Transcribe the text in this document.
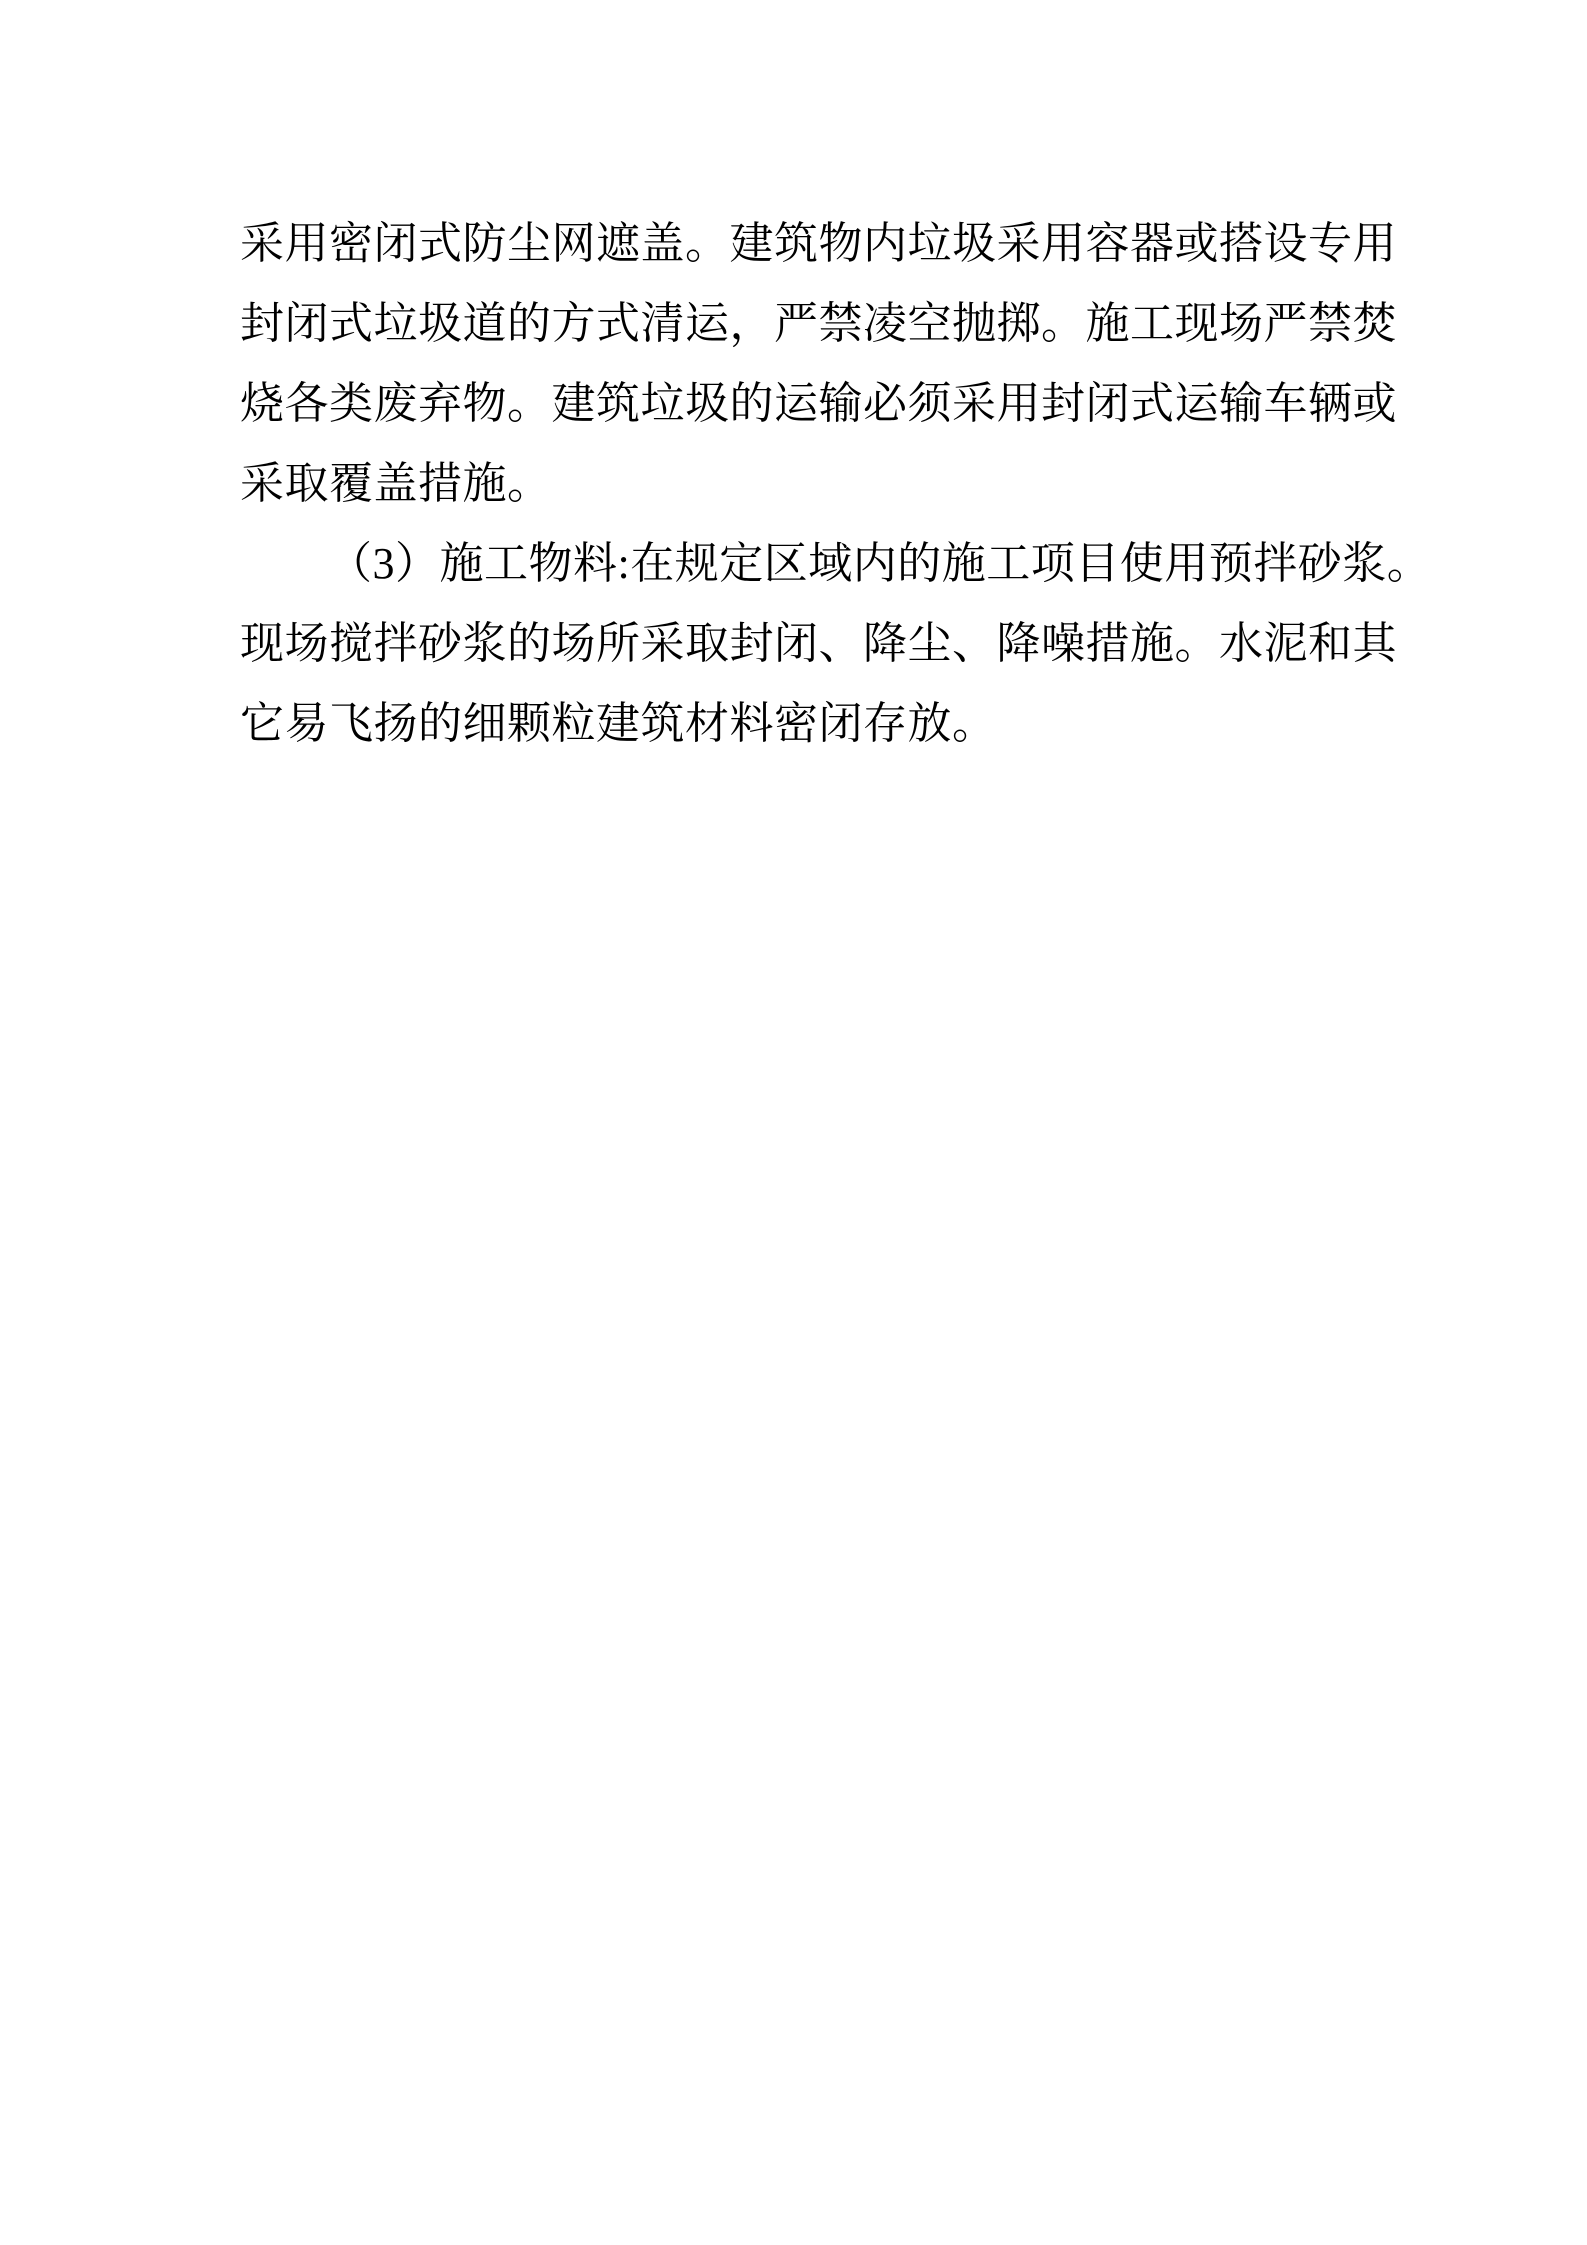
采用密闭式防尘网遮盖。建筑物内垃圾采用容器或搭设专用
封闭式垃圾道的方式清运，严禁凌空抛掷。施工现场严禁焚
烧各类废弃物。建筑垃圾的运输必须采用封闭式运输车辆或
采取覆盖措施。
（3）施工物料:在规定区域内的施工项目使用预拌砂浆。
现场搅拌砂浆的场所采取封闭、降尘、降噪措施。水泥和其
它易飞扬的细颗粒建筑材料密闭存放。
